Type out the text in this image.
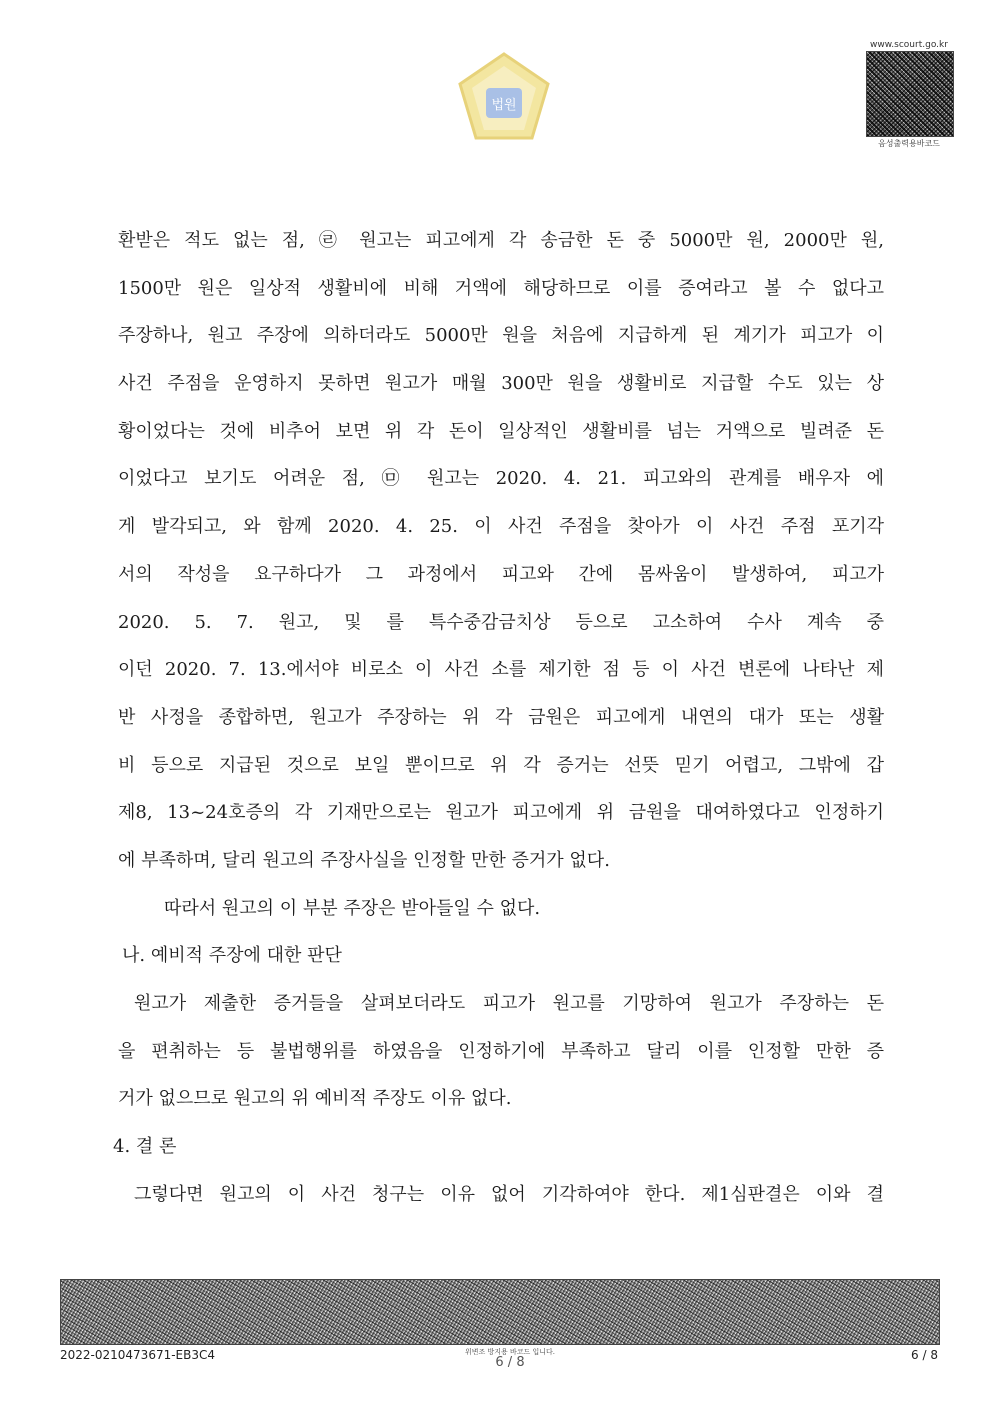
법원
www.scourt.go.kr
음성출력용바코드
환받은 적도 없는 점, ㉣ 원고는 피고에게 각 송금한 돈 중 5000만 원, 2000만 원,
1500만 원은 일상적 생활비에 비해 거액에 해당하므로 이를 증여라고 볼 수 없다고
주장하나, 원고 주장에 의하더라도 5000만 원을 처음에 지급하게 된 계기가 피고가 이
사건 주점을 운영하지 못하면 원고가 매월 300만 원을 생활비로 지급할 수도 있는 상
황이었다는 것에 비추어 보면 위 각 돈이 일상적인 생활비를 넘는 거액으로 빌려준 돈
이었다고 보기도 어려운 점, ㉤ 원고는 2020. 4. 21. 피고와의 관계를 배우자 에
게 발각되고, 와 함께 2020. 4. 25. 이 사건 주점을 찾아가 이 사건 주점 포기각
서의 작성을 요구하다가 그 과정에서 피고와 간에 몸싸움이 발생하여, 피고가
2020. 5. 7. 원고, 및 를 특수중감금치상 등으로 고소하여 수사 계속 중
이던 2020. 7. 13.에서야 비로소 이 사건 소를 제기한 점 등 이 사건 변론에 나타난 제
반 사정을 종합하면, 원고가 주장하는 위 각 금원은 피고에게 내연의 대가 또는 생활
비 등으로 지급된 것으로 보일 뿐이므로 위 각 증거는 선뜻 믿기 어렵고, 그밖에 갑
제8, 13~24호증의 각 기재만으로는 원고가 피고에게 위 금원을 대여하였다고 인정하기
에 부족하며, 달리 원고의 주장사실을 인정할 만한 증거가 없다.
따라서 원고의 이 부분 주장은 받아들일 수 없다.
나. 예비적 주장에 대한 판단
원고가 제출한 증거들을 살펴보더라도 피고가 원고를 기망하여 원고가 주장하는 돈
을 편취하는 등 불법행위를 하였음을 인정하기에 부족하고 달리 이를 인정할 만한 증
거가 없으므로 원고의 위 예비적 주장도 이유 없다.
4. 결 론
그렇다면 원고의 이 사건 청구는 이유 없어 기각하여야 한다. 제1심판결은 이와 결
2022-0210473671-EB3C4	위변조 방지용 바코드 입니다.
6 / 8	6 / 8
